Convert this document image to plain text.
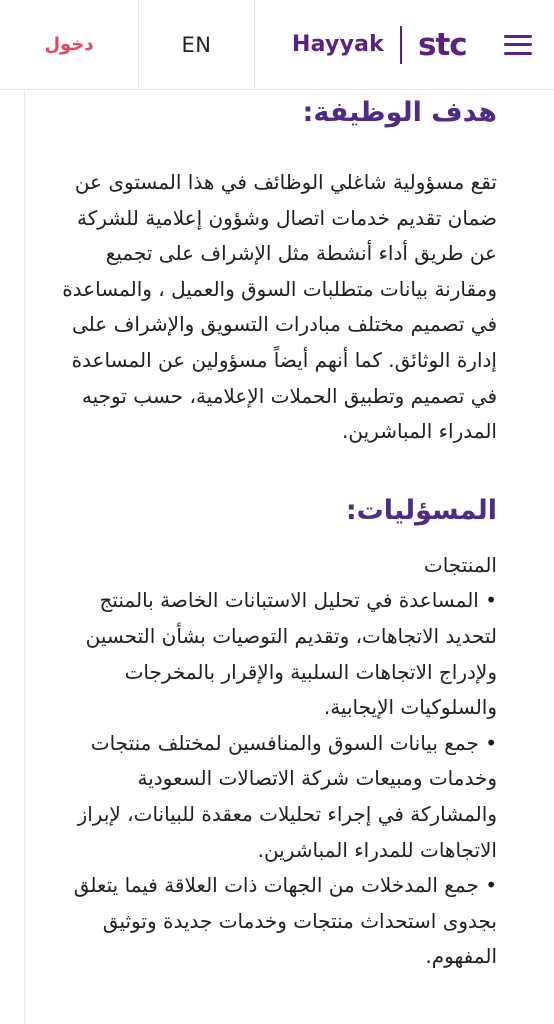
دخول	EN	Hayyak stc
هدف الوظيفة:

تقع مسؤولية شاغلي الوظائف في هذا المستوى عن ضمان تقديم خدمات اتصال وشؤون إعلامية للشركة عن طريق أداء أنشطة مثل الإشراف على تجميع ومقارنة بيانات متطلبات السوق والعميل ، والمساعدة في تصميم مختلف مبادرات التسويق والإشراف على إدارة الوثائق. كما أنهم أيضاً مسؤولين عن المساعدة في تصميم وتطبيق الحملات الإعلامية، حسب توجيه المدراء المباشرين.

المسؤليات:
المنتجات
• المساعدة في تحليل الاستبانات الخاصة بالمنتج لتحديد الاتجاهات، وتقديم التوصيات بشأن التحسين ولإدراج الاتجاهات السلبية والإقرار بالمخرجات والسلوكيات الإيجابية.
• جمع بيانات السوق والمنافسين لمختلف منتجات وخدمات ومبيعات شركة الاتصالات السعودية والمشاركة في إجراء تحليلات معقدة للبيانات، لإبراز الاتجاهات للمدراء المباشرين.
• جمع المدخلات من الجهات ذات العلاقة فيما يتعلق بجدوى استحداث منتجات وخدمات جديدة وتوثيق المفهوم.
